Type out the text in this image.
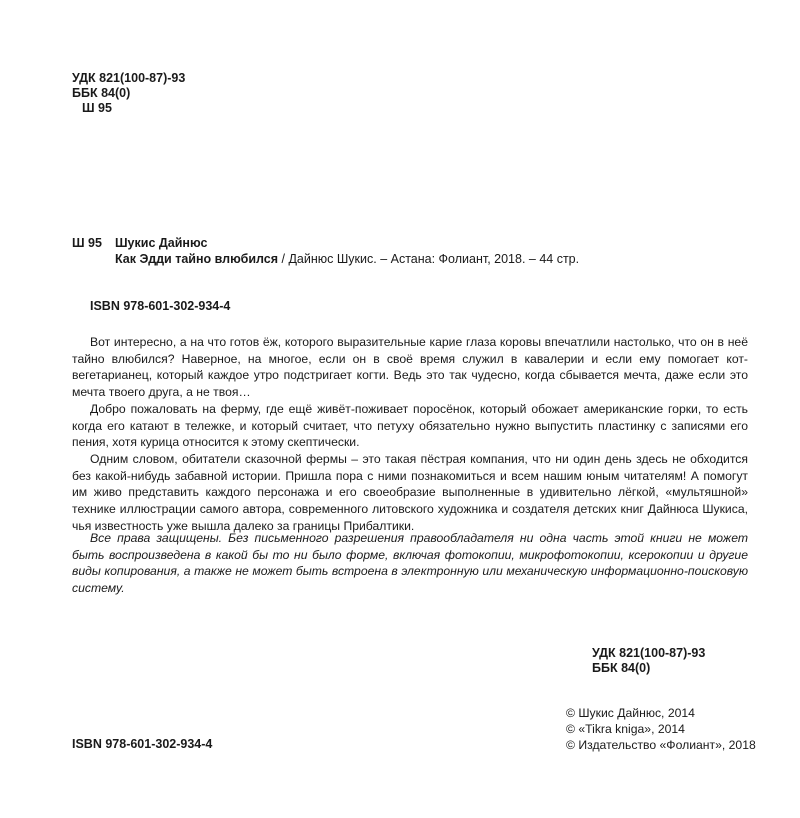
УДК 821(100-87)-93
ББК 84(0)
Ш 95
Ш 95 Шукис Дайнюс
Как Эдди тайно влюбился / Дайнюс Шукис. – Астана: Фолиант, 2018. – 44 стр.
ISBN 978-601-302-934-4

Вот интересно, а на что готов ёж, которого выразительные карие глаза коровы впечатлили настолько, что он в неё тайно влюбился? Наверное, на многое, если он в своё время служил в кавалерии и если ему помогает кот-вегетарианец, который каждое утро подстригает когти. Ведь это так чудесно, когда сбывается мечта, даже если это мечта твоего друга, а не твоя…

Добро пожаловать на ферму, где ещё живёт-поживает поросёнок, который обожает американские горки, то есть когда его катают в тележке, и который считает, что петуху обязательно нужно выпустить пластинку с записями его пения, хотя курица относится к этому скептически.

Одним словом, обитатели сказочной фермы – это такая пёстрая компания, что ни один день здесь не обходится без какой-нибудь забавной истории. Пришла пора с ними познакомиться и всем нашим юным читателям! А помогут им живо представить каждого персонажа и его своеобразие выполненные в удивительно лёгкой, «мультяшной» технике иллюстрации самого автора, современного литовского художника и создателя детских книг Дайнюса Шукиса, чья известность уже вышла далеко за границы Прибалтики.

Все права защищены. Без письменного разрешения правообладателя ни одна часть этой книги не может быть воспроизведена в какой бы то ни было форме, включая фотокопии, микрофотокопии, ксерокопии и другие виды копирования, а также не может быть встроена в электронную или механическую информационно-поисковую систему.

УДК 821(100-87)-93
ББК 84(0)
© Шукис Дайнюс, 2014
© «Tikra kniga», 2014
© Издательство «Фолиант», 2018
ISBN 978-601-302-934-4
